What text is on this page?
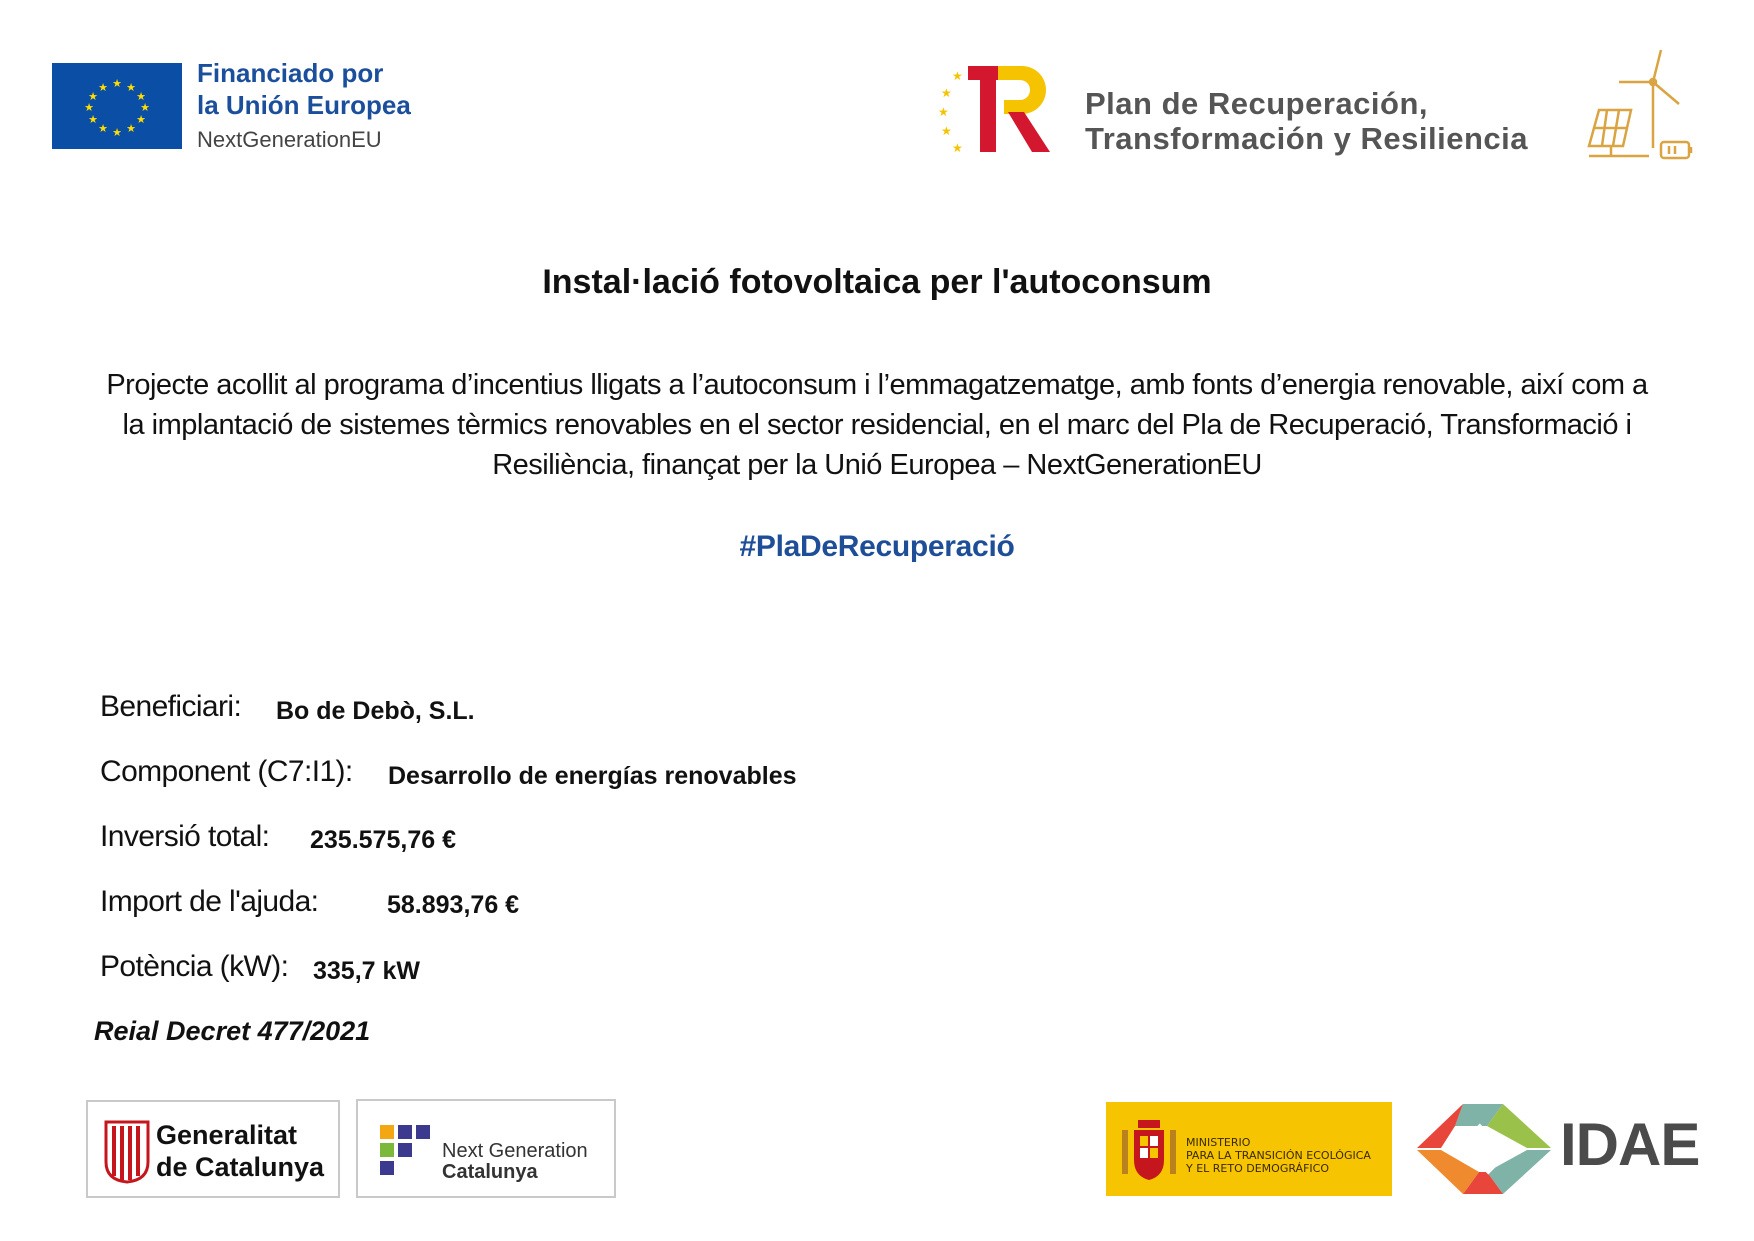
★ ★
★
★
★
★
★
★
★
★
★
★	Financiado por
la Unión Europea
NextGenerationEU
★
★
★
★
★
Plan de Recuperación,
Transformación y Resiliencia
Instal·lació fotovoltaica per l'autoconsum
Projecte acollit al programa d’incentius lligats a l’autoconsum i l’emmagatzematge, amb fonts d’energia renovable, així com a la implantació de sistemes tèrmics renovables en el sector residencial, en el marc del Pla de Recuperació, Transformació i Resiliència, finançat per la Unió Europea – NextGenerationEU
#PlaDeRecuperació
Beneficiari: Bo de Debò, S.L.
Component (C7:I1): Desarrollo de energías renovables
Inversió total: 235.575,76 €
Import de l'ajuda:	58.893,76 €
Potència (kW): 335,7 kW
Reial Decret 477/2021
Generalitat
de Catalunya
Next Generation
Catalunya
MINISTERIO
PARA LA TRANSICIÓN ECOLÓGICA
Y EL RETO DEMOGRÁFICO	IDAE
